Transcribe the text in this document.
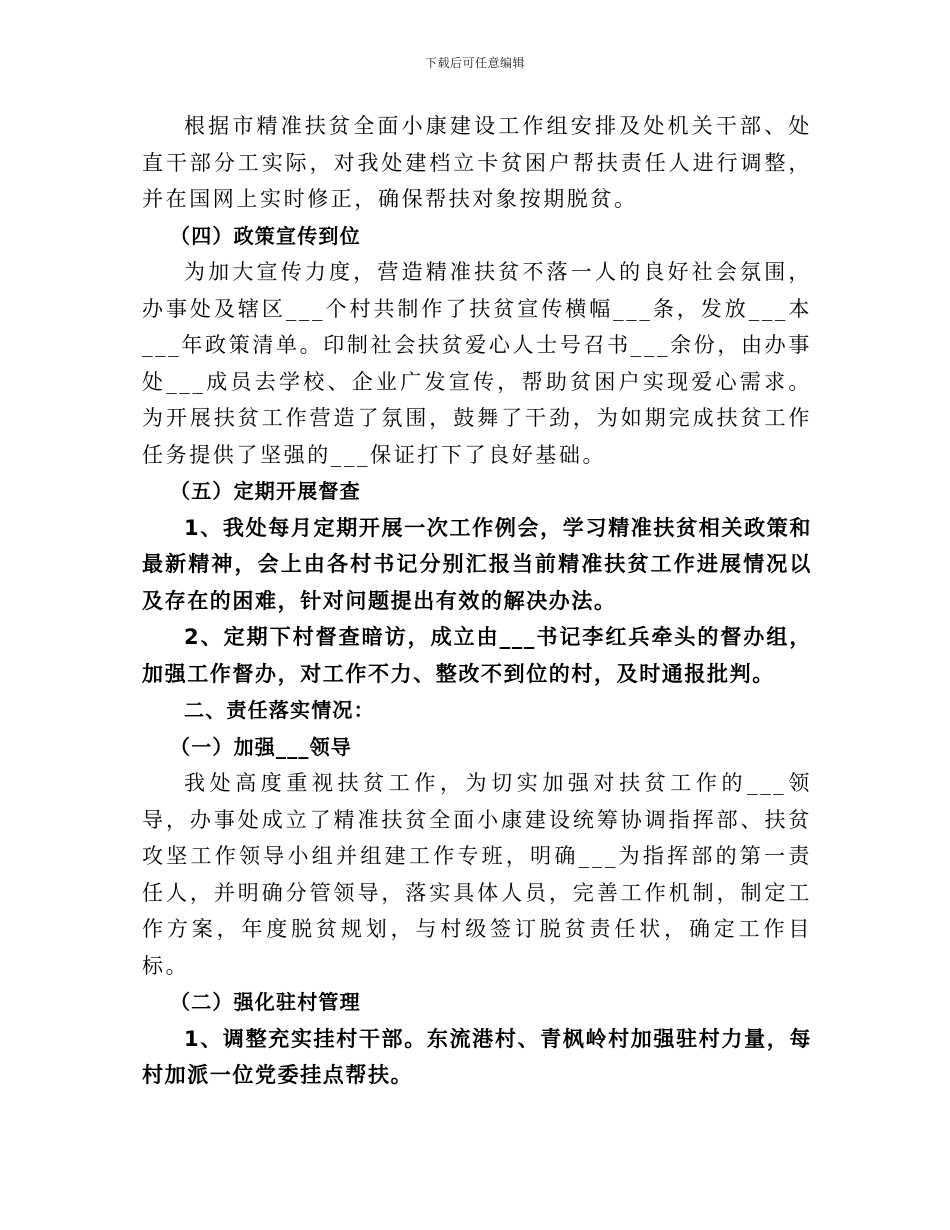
下载后可任意编辑

根据市精准扶贫全面小康建设工作组安排及处机关干部、处直干部分工实际，对我处建档立卡贫困户帮扶责任人进行调整，并在国网上实时修正，确保帮扶对象按期脱贫。

（四）政策宣传到位

为加大宣传力度，营造精准扶贫不落一人的良好社会氛围，办事处及辖区___个村共制作了扶贫宣传横幅___条，发放___本___年政策清单。印制社会扶贫爱心人士号召书___余份，由办事处___成员去学校、企业广发宣传，帮助贫困户实现爱心需求。为开展扶贫工作营造了氛围，鼓舞了干劲，为如期完成扶贫工作任务提供了坚强的___保证打下了良好基础。

（五）定期开展督查

1、我处每月定期开展一次工作例会，学习精准扶贫相关政策和最新精神，会上由各村书记分别汇报当前精准扶贫工作进展情况以及存在的困难，针对问题提出有效的解决办法。

2、定期下村督查暗访，成立由___书记李红兵牵头的督办组，加强工作督办，对工作不力、整改不到位的村，及时通报批判。

二、责任落实情况：

（一）加强___领导

我处高度重视扶贫工作，为切实加强对扶贫工作的___领导，办事处成立了精准扶贫全面小康建设统筹协调指挥部、扶贫攻坚工作领导小组并组建工作专班，明确___为指挥部的第一责任人，并明确分管领导，落实具体人员，完善工作机制，制定工作方案，年度脱贫规划，与村级签订脱贫责任状，确定工作目标。

（二）强化驻村管理

1、调整充实挂村干部。东流港村、青枫岭村加强驻村力量，每村加派一位党委挂点帮扶。
